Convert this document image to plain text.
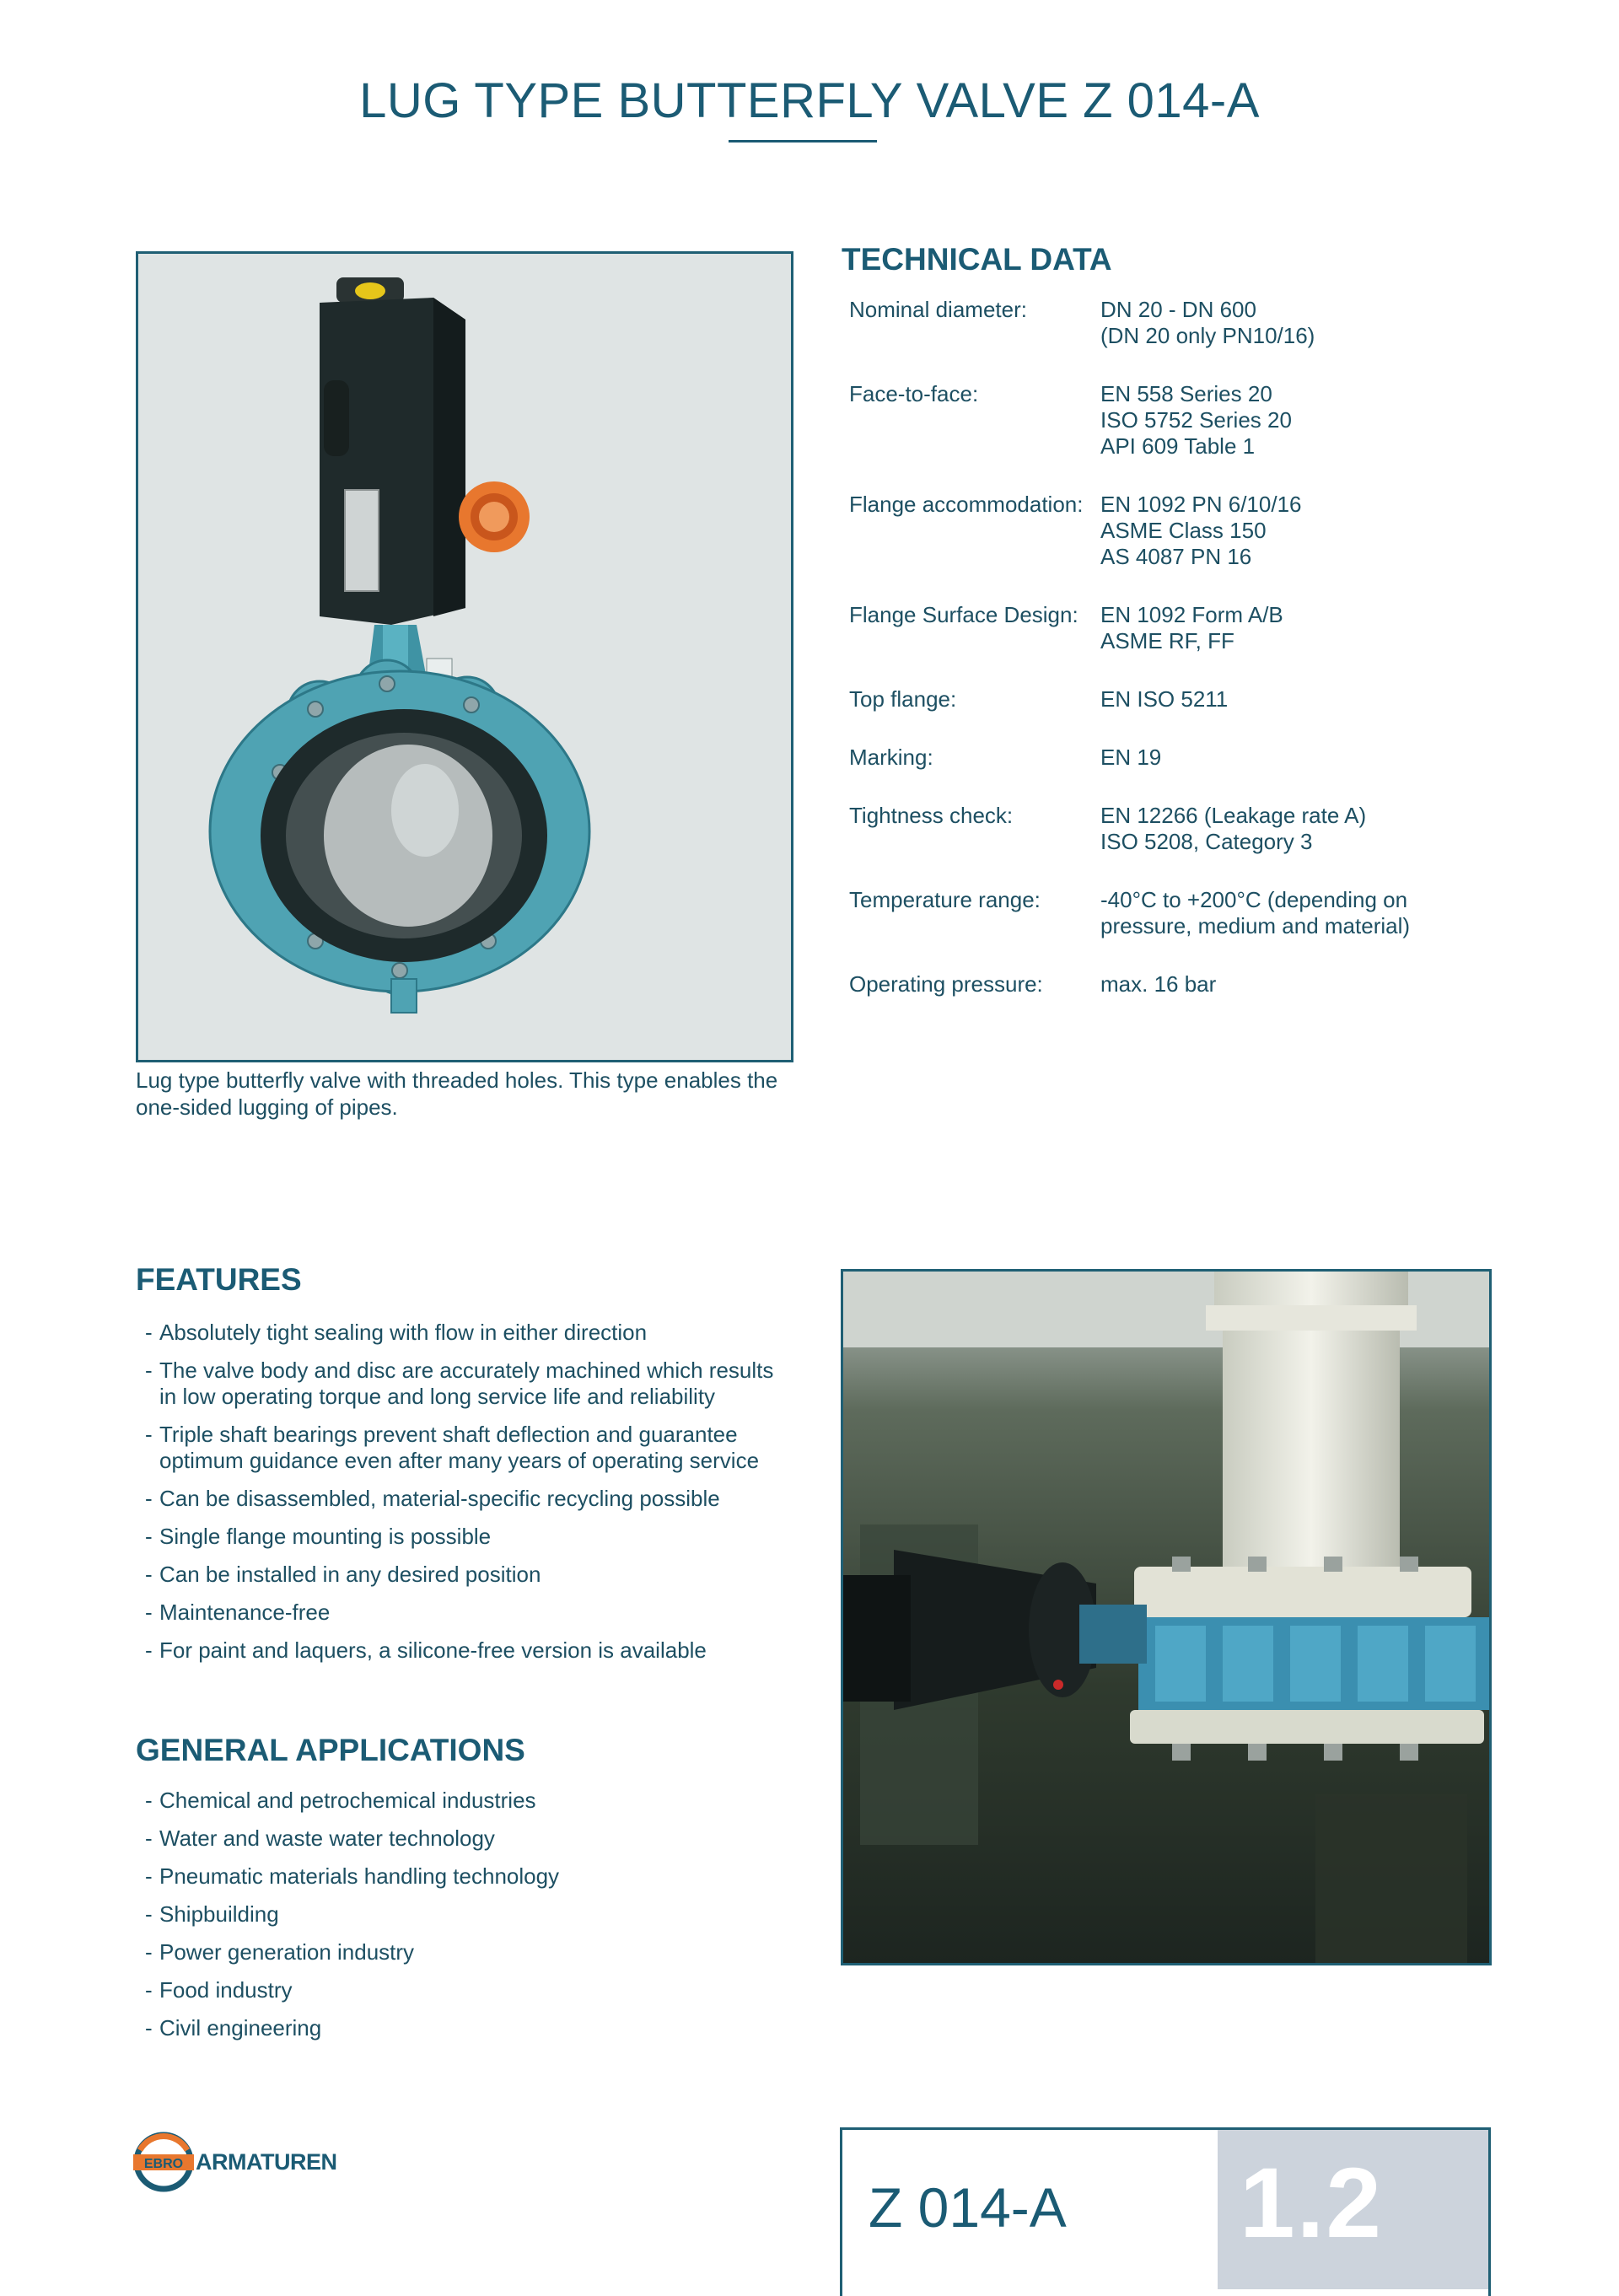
LUG TYPE BUTTERFLY VALVE Z 014-A
Lug type butterfly valve with threaded holes. This type enables the one-sided lugging of pipes.
TECHNICAL DATA
Nominal diameter:	DN 20 - DN 600
(DN 20 only PN10/16)
Face-to-face:	EN 558 Series 20
ISO 5752 Series 20
API 609 Table 1
Flange accommodation: EN 1092 PN 6/10/16
ASME Class 150
AS 4087 PN 16
Flange Surface Design:	EN 1092 Form A/B
ASME RF, FF
Top flange:	EN ISO 5211
Marking:	EN 19
Tightness check:	EN 12266 (Leakage rate A)
ISO 5208, Category 3
Temperature range:	-40°C to +200°C (depending on
pressure, medium and material)
Operating pressure:	max. 16 bar
FEATURES
- Absolutely tight sealing with flow in either direction
- The valve body and disc are accurately machined which results in low operating torque and long service life and reliability
- Triple shaft bearings prevent shaft deflection and guarantee optimum guidance even after many years of operating service
- Can be disassembled, material-specific recycling possible
- Single flange mounting is possible
- Can be installed in any desired position
- Maintenance-free
- For paint and laquers, a silicone-free version is available
GENERAL APPLICATIONS
- Chemical and petrochemical industries
- Water and waste water technology
- Pneumatic materials handling technology
- Shipbuilding
- Power generation industry
- Food industry
- Civil engineering
EBRO ARMATUREN
Z 014-A 1.2
